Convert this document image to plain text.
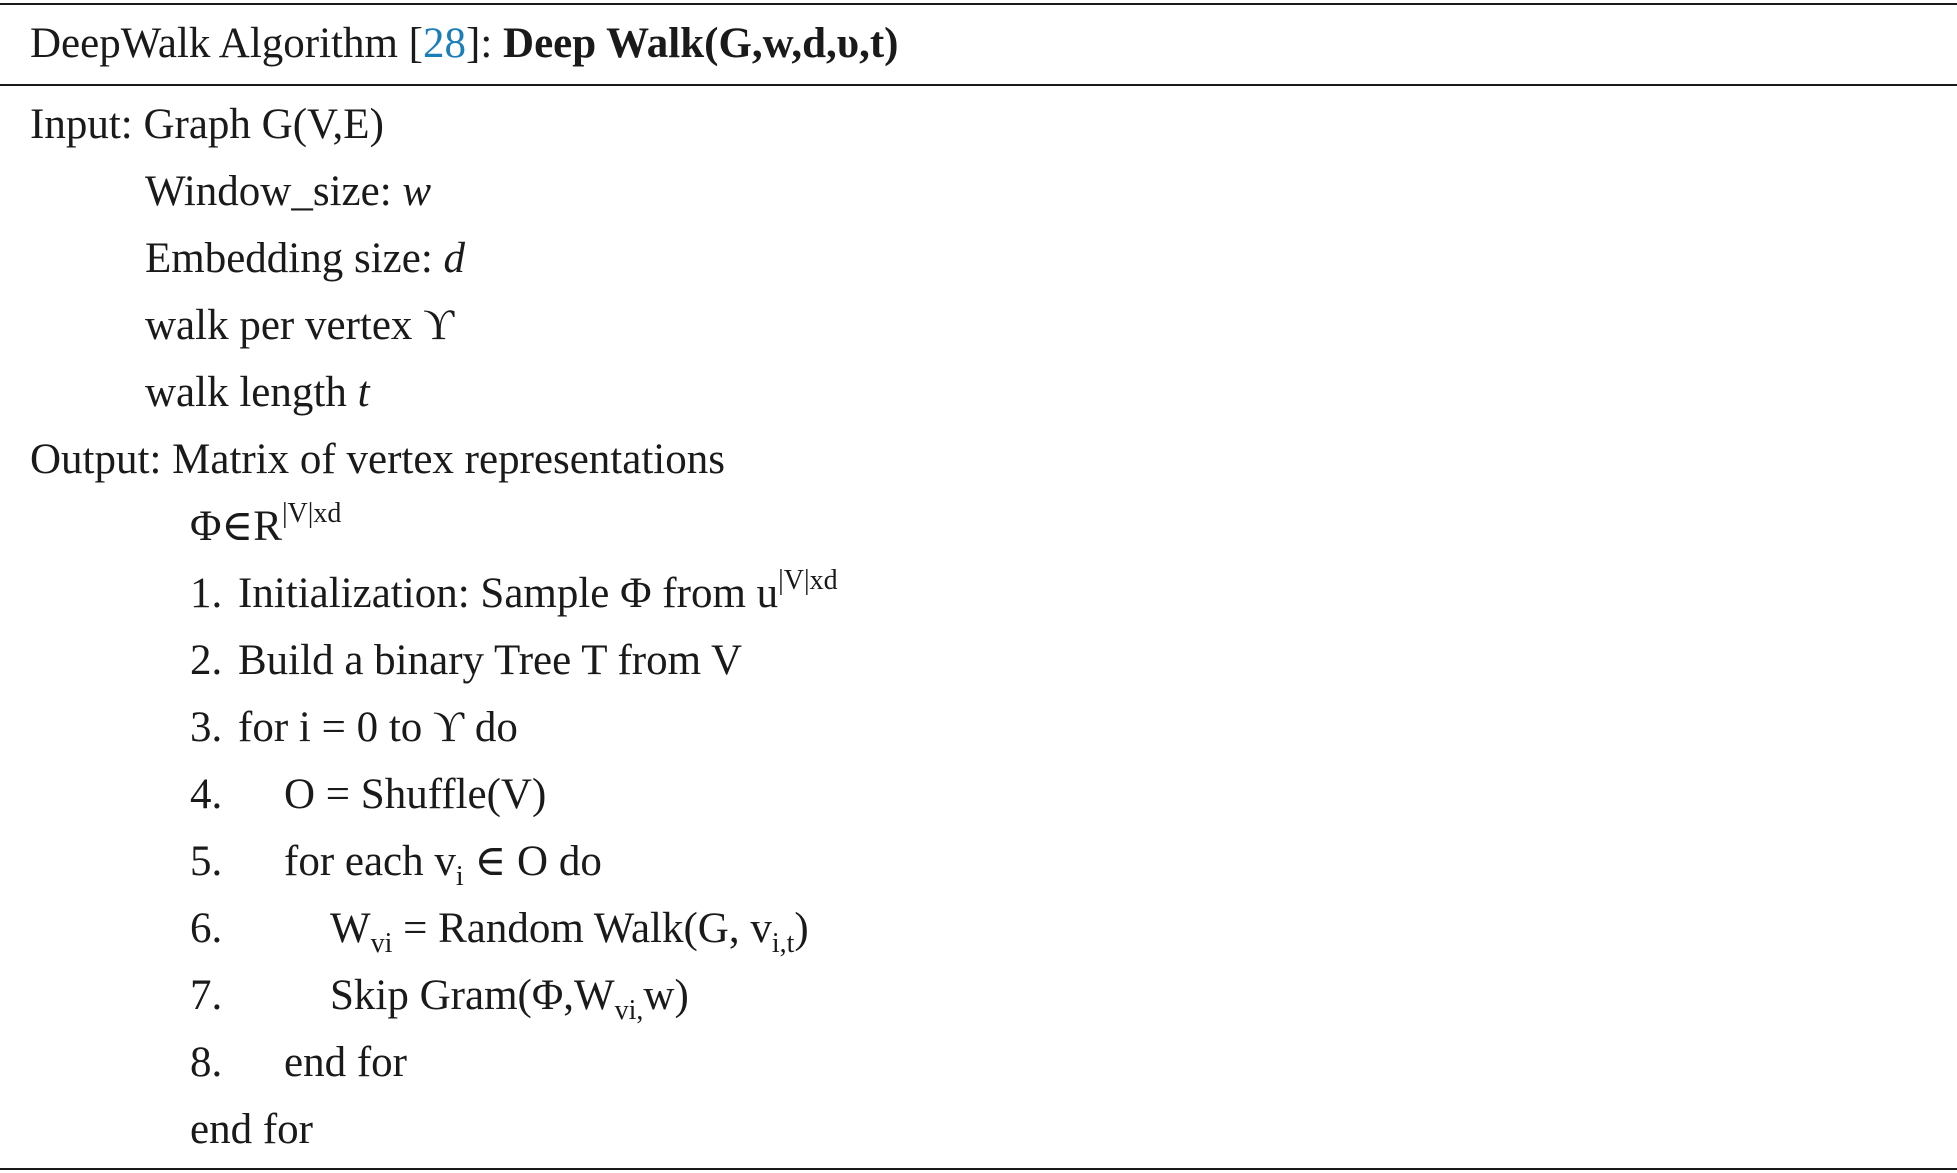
DeepWalk Algorithm [28]: Deep Walk(G,w,d,υ,t)
Input: Graph G(V,E)
Window_size: w
Embedding size: d
walk per vertex ϒ
walk length t
Output: Matrix of vertex representations
$\Phi\in R^{|V|xd}$
1. Initialization: Sample Φ from $u^{|V|xd}$
2. Build a binary Tree T from V
3. for i = 0 to ϒ do
4. O = Shuffle(V)
5. for each $v_i$ ∈ O do
6.	$W_{vi}$ = Random Walk(G, $v_{i,t}$)
7.	Skip $Gram(\Phi,W_{vi,}w)$
8. end for
end for
